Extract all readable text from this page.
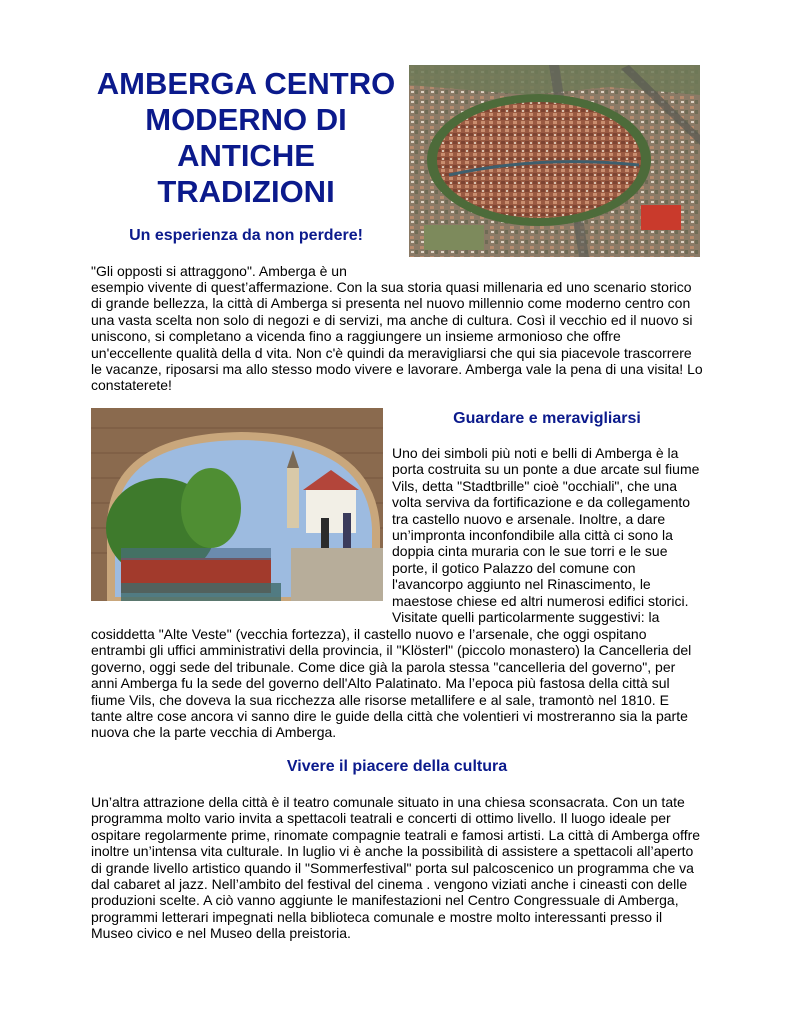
AMBERGA CENTRO
MODERNO DI
ANTICHE
TRADIZIONI
Un esperienza da non perdere!

"Gli opposti si attraggono". Amberga è un

esempio vivente di quest’affermazione. Con la sua storia quasi millenaria ed uno scenario storico di grande bellezza, la città di Amberga si presenta nel nuovo millennio come moderno centro con una vasta scelta non solo di negozi e di servizi, ma anche di cultura. Così il vecchio ed il nuovo si uniscono, si completano a vicenda fino a raggiungere un insieme armonioso che offre un'eccellente qualità della d vita. Non c'è quindi da meravigliarsi che qui sia piacevole trascorrere le vacanze, riposarsi ma allo stesso modo vivere e lavorare. Amberga vale la pena di una visita! Lo constaterete!

Guardare e meravigliarsi

Uno dei simboli più noti e belli di Amberga è la porta costruita su un ponte a due arcate sul fiume Vils, detta "Stadtbrille" cioè "occhiali", che una volta serviva da fortificazione e da collegamento tra castello nuovo e arsenale. Inoltre, a dare un’impronta inconfondibile alla città ci sono la doppia cinta muraria con le sue torri e le sue porte, il gotico Palazzo del comune con l'avancorpo aggiunto nel Rinascimento, le maestose chiese ed altri numerosi edifici storici. Visitate quelli particolarmente suggestivi: la

cosiddetta "Alte Veste" (vecchia fortezza), il castello nuovo e l’arsenale, che oggi ospitano entrambi gli uffici amministrativi della provincia, il "Klösterl" (piccolo monastero) la Cancelleria del governo, oggi sede del tribunale. Come dice già la parola stessa "cancelleria del governo", per anni Amberga fu la sede del governo dell'Alto Palatinato. Ma l’epoca più fastosa della città sul fiume Vils, che doveva la sua ricchezza alle risorse metallifere e al sale, tramontò nel 1810. E tante altre cose ancora vi sanno dire le guide della città che volentieri vi mostreranno sia la parte nuova che la parte vecchia di Amberga.

Vivere il piacere della cultura

Un’altra attrazione della città è il teatro comunale situato in una chiesa sconsacrata. Con un tate programma molto vario invita a spettacoli teatrali e concerti di ottimo livello. Il luogo ideale per ospitare regolarmente prime, rinomate compagnie teatrali e famosi artisti. La città di Amberga offre inoltre un’intensa vita culturale. In luglio vi è anche la possibilità di assistere a spettacoli all’aperto di grande livello artistico quando il "Sommerfestival" porta sul palcoscenico un programma che va dal cabaret al jazz. Nell’ambito del festival del cinema . vengono viziati anche i cineasti con delle produzioni scelte. A ciò vanno aggiunte le manifestazioni nel Centro Congressuale di Amberga, programmi letterari impegnati nella biblioteca comunale e mostre molto interessanti presso il Museo civico e nel Museo della preistoria.
